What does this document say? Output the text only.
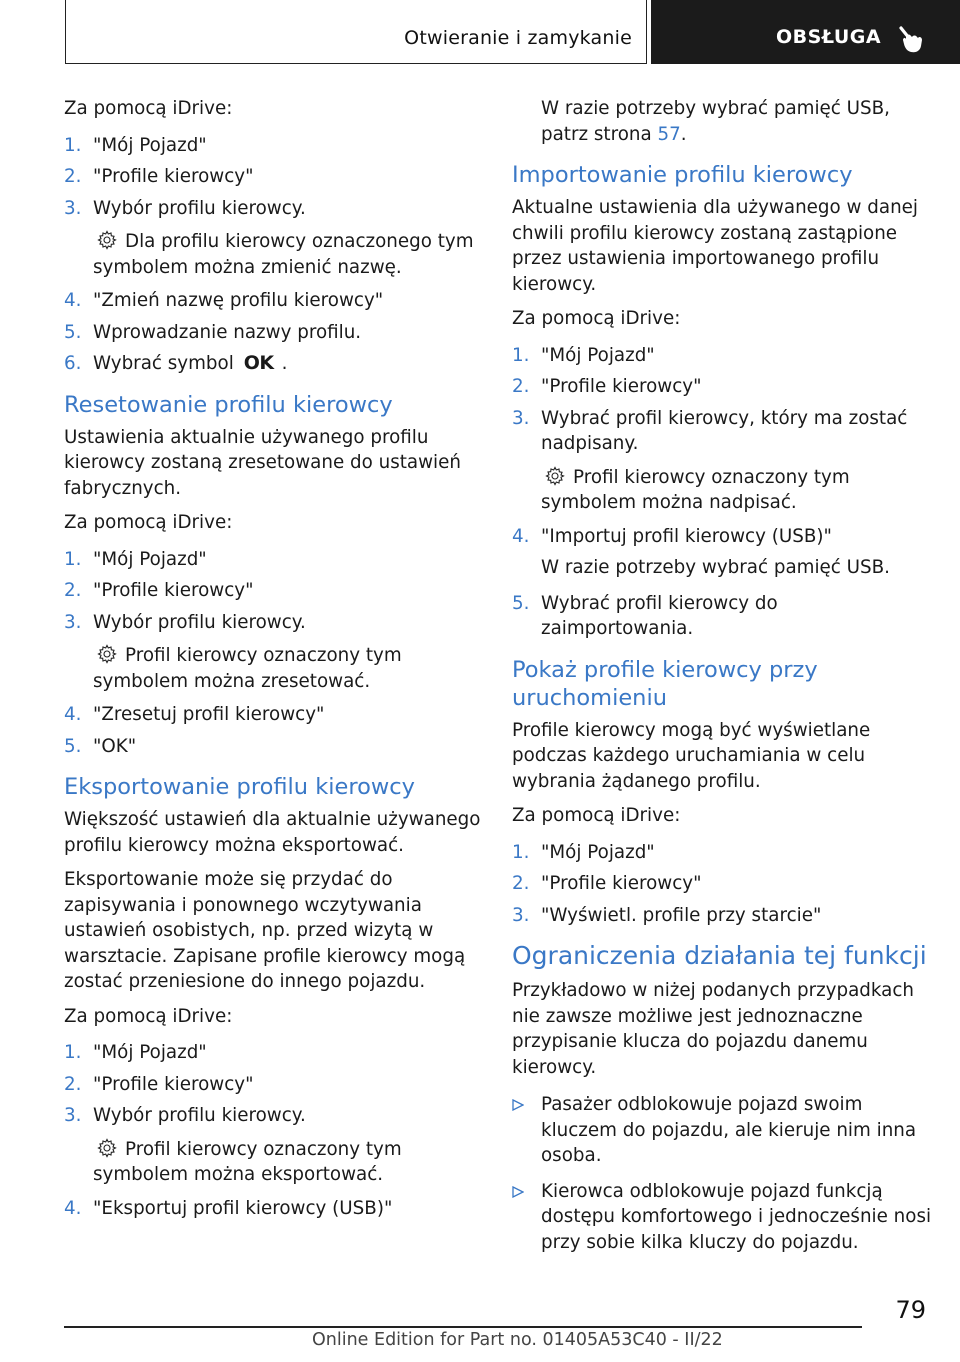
Otwieranie i zamykanie	OBSŁUGA

Za pomocą iDrive:

1. "Mój Pojazd"
2. "Profile kierowcy"
3. Wybór profilu kierowcy.

Dla profilu kierowcy oznaczonego tym symbolem można zmienić nazwę.

4. "Zmień nazwę profilu kierowcy"
5. Wprowadzanie nazwy profilu.
6. Wybrać symbol OK .
Resetowanie profilu kierowcy

Ustawienia aktualnie używanego profilu kierowcy zostaną zresetowane do ustawień fabrycznych.

Za pomocą iDrive:

1. "Mój Pojazd"
2. "Profile kierowcy"
3. Wybór profilu kierowcy.

Profil kierowcy oznaczony tym symbolem można zresetować.

4. "Zresetuj profil kierowcy"
5. "OK"
Eksportowanie profilu kierowcy

Większość ustawień dla aktualnie używanego profilu kierowcy można eksportować.

Eksportowanie może się przydać do zapisywania i ponownego wczytywania ustawień osobistych, np. przed wizytą w warsztacie. Zapisane profile kierowcy mogą zostać przeniesione do innego pojazdu.

Za pomocą iDrive:

1. "Mój Pojazd"
2. "Profile kierowcy"
3. Wybór profilu kierowcy.

Profil kierowcy oznaczony tym symbolem można eksportować.

4. "Eksportuj profil kierowcy (USB)"

W razie potrzeby wybrać pamięć USB, patrz strona 57.

Importowanie profilu kierowcy

Aktualne ustawienia dla używanego w danej chwili profilu kierowcy zostaną zastąpione przez ustawienia importowanego profilu kierowcy.

Za pomocą iDrive:

1. "Mój Pojazd"
2. "Profile kierowcy"
3. Wybrać profil kierowcy, który ma zostać nadpisany.

Profil kierowcy oznaczony tym symbolem można nadpisać.

4. "Importuj profil kierowcy (USB)"

W razie potrzeby wybrać pamięć USB.

5. Wybrać profil kierowcy do zaimportowania.
Pokaż profile kierowcy przy uruchomieniu

Profile kierowcy mogą być wyświetlane podczas każdego uruchamiania w celu wybrania żądanego profilu.

Za pomocą iDrive:

1. "Mój Pojazd"
2. "Profile kierowcy"
3. "Wyświetl. profile przy starcie"
Ograniczenia działania tej funkcji

Przykładowo w niżej podanych przypadkach nie zawsze możliwe jest jednoznaczne przypisanie klucza do pojazdu danemu kierowcy.

Pasażer odblokowuje pojazd swoim kluczem do pojazdu, ale kieruje nim inna osoba.
Kierowca odblokowuje pojazd funkcją dostępu komfortowego i jednocześnie nosi przy sobie kilka kluczy do pojazdu.
79
Online Edition for Part no. 01405A53C40 - II/22
